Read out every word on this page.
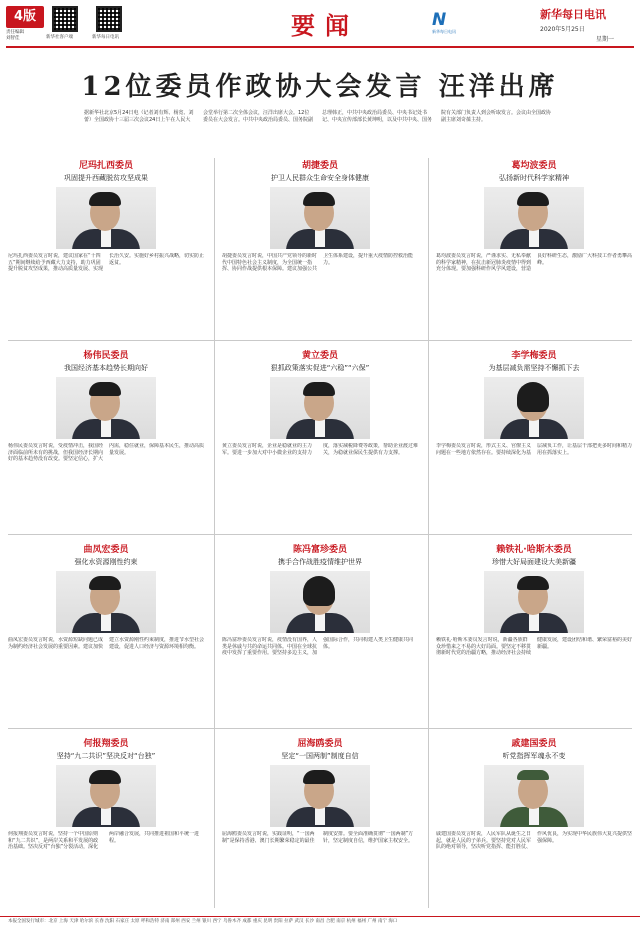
4版
责任编辑
刘智佳	新华社客户端	新华每日电讯	要闻	N
新华每日电讯
新华每日电讯
2020年5月25日
星期一
12位委员作政协大会发言 汪洋出席
据新华社北京5月24日电（记者刘有辉、杨宽、刘蕾）全国政协十三届三次会议24日上午在人民大会堂举行第二次全体会议，汪洋出席大会。12位委员在大会发言。中共中央政治局委员、国务院副总理韩正，中共中央政治局委员、中央书记处书记、中央宣传部部长黄坤明，以及中共中央、国务院有关部门负责人到会听取发言。会议由全国政协副主席刘奇葆主持。
尼玛扎西委员
巩固提升西藏脱贫攻坚成果
尼玛扎西委员发言时说，建议国家在“十四五”期间继续给予西藏大力支持，助力巩固提升脱贫攻坚成果，推动高质量发展、实现长治久安。实施好乡村振兴战略，切实防止返贫。
胡捷委员
护卫人民群众生命安全身体健康
胡捷委员发言时说，中国共产党领导的新时代中国特色社会主义制度，为全国统一指挥、协同作战提供根本保障。建议加强公共卫生体系建设，提升重大疫情防控救治能力。
葛均波委员
弘扬新时代科学家精神
葛均波委员发言时说，严谨求实、无私奉献的科学家精神，在抗击新冠肺炎疫情中得到充分体现。要加强科研作风学风建设，营造良好科研生态，激励广大科技工作者勇攀高峰。
杨伟民委员
我国经济基本趋势长期向好
杨伟民委员发言时说，受疫情冲击，我国经济面临前所未有的挑战，但我国经济长期向好的基本趋势没有改变。要坚定信心，扩大内需，稳住就业，保障基本民生，推动高质量发展。
黄立委员
狠抓政策落实促进“六稳”“六保”
黄立委员发言时说，企业是稳就业的主力军。要进一步加大对中小微企业的支持力度，落实减税降费等政策，帮助企业渡过难关，为稳就业保民生提供有力支撑。
李学梅委员
为基层减负需坚持不懈抓下去
李学梅委员发言时说，形式主义、官僚主义问题在一些地方依然存在。要持续深化为基层减负工作，让基层干部把更多时间和精力用在抓落实上。
曲凤宏委员
强化水资源刚性约束
曲凤宏委员发言时说，水资源短缺问题已成为制约经济社会发展的重要因素。建议加快建立水资源刚性约束制度，推进节水型社会建设，促进人口经济与资源环境相均衡。
陈冯富珍委员
携手合作战胜疫情维护世界
陈冯富珍委员发言时说，疫情没有国界，人类是休戚与共的命运共同体。中国在全球抗疫中发挥了重要作用。要坚持多边主义，加强国际合作，共同构建人类卫生健康共同体。
赖铁礼·哈斯木委员
珍惜大好局面建设大美新疆
赖铁礼·哈斯木委员发言时说，新疆各族群众珍惜来之不易的大好局面。要坚定不移贯彻新时代党的治疆方略，推动经济社会持续健康发展，建设团结和谐、繁荣富裕的美好新疆。
何报翔委员
坚持“九二共识”坚决反对“台独”
何报翔委员发言时说，坚持一个中国原则和“九二共识”，是两岸关系和平发展的政治基础。坚决反对“台独”分裂活动，深化两岸融合发展，共同推进祖国和平统一进程。
屈海鸥委员
坚定“一国两制”制度自信
屈海鸥委员发言时说，实践证明，“一国两制”是保持香港、澳门长期繁荣稳定的最佳制度安排。要全面准确贯彻“一国两制”方针，坚定制度自信，维护国家主权安全。
戚建国委员
听党指挥军魂永不变
戚建国委员发言时说，人民军队从诞生之日起，就是人民的子弟兵。要坚持党对人民军队的绝对领导，坚决听党指挥、能打胜仗、作风优良，为实现中华民族伟大复兴提供坚强保障。
本报全国发行城市：北京 上海 天津 哈尔滨 长春 沈阳 石家庄 太原 呼和浩特 济南 郑州 西安 兰州 银川 西宁 乌鲁木齐 成都 重庆 昆明 贵阳 拉萨 武汉 长沙 南昌 合肥 南京 杭州 福州 广州 南宁 海口
